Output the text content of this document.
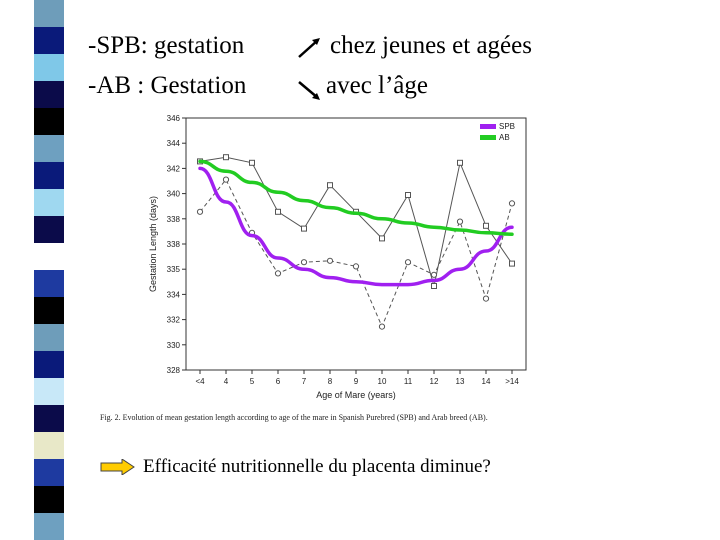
-SPB: gestation	chez jeunes et agées
-AB : Gestation	avec l’âge
328
330
332
334
335
338
338
340
342
344
346
<4 4	5	6	7	8	9 10 11 12 13 14 >14
Age of Mare (years)
Gestation Length (days)
SPB
AB
Fig. 2. Evolution of mean gestation length according to age of the mare in Spanish Purebred (SPB) and Arab breed (AB).
Efficacité nutritionnelle du placenta diminue?
